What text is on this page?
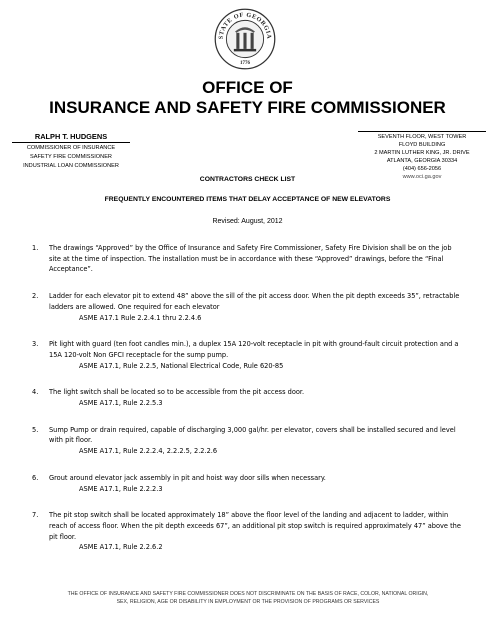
STATE OF GEORGIA
1776
OFFICE OF
INSURANCE AND SAFETY FIRE COMMISSIONER
RALPH T. HUDGENS
COMMISSIONER OF INSURANCE
SAFETY FIRE COMMISSIONER
INDUSTRIAL LOAN COMMISSIONER
SEVENTH FLOOR, WEST TOWER
FLOYD BUILDING
2 MARTIN LUTHER KING, JR. DRIVE
ATLANTA, GEORGIA 30334
(404) 656-2056
www.oci.ga.gov
CONTRACTORS CHECK LIST
FREQUENTLY ENCOUNTERED ITEMS THAT DELAY ACCEPTANCE OF NEW ELEVATORS
Revised: August, 2012
1. The drawings “Approved” by the Office of Insurance and Safety Fire Commissioner, Safety Fire Division shall be on the job site at the time of inspection. The installation must be in accordance with these “Approved” drawings, before the “Final Acceptance”.
2. Ladder for each elevator pit to extend 48” above the sill of the pit access door. When the pit depth exceeds 35”, retractable ladders are allowed. One required for each elevator
ASME A17.1 Rule 2.2.4.1 thru 2.2.4.6
3. Pit light with guard (ten foot candles min.), a duplex 15A 120-volt receptacle in pit with ground-fault circuit protection and a 15A 120-volt Non GFCI receptacle for the sump pump.
ASME A17.1, Rule 2.2.5, National Electrical Code, Rule 620-85
4. The light switch shall be located so to be accessible from the pit access door.
ASME A17.1, Rule 2.2.5.3
5. Sump Pump or drain required, capable of discharging 3,000 gal/hr. per elevator, covers shall be installed secured and level with pit floor.
ASME A17.1, Rule 2.2.2.4, 2.2.2.5, 2.2.2.6
6. Grout around elevator jack assembly in pit and hoist way door sills when necessary.
ASME A17.1, Rule 2.2.2.3
7. The pit stop switch shall be located approximately 18” above the floor level of the landing and adjacent to ladder, within reach of access floor. When the pit depth exceeds 67”, an additional pit stop switch is required approximately 47” above the pit floor.
ASME A17.1, Rule 2.2.6.2
THE OFFICE OF INSURANCE AND SAFETY FIRE COMMISSIONER DOES NOT DISCRIMINATE ON THE BASIS OF RACE, COLOR, NATIONAL ORIGIN,
SEX, RELIGION, AGE OR DISABILITY IN EMPLOYMENT OR THE PROVISION OF PROGRAMS OR SERVICES
